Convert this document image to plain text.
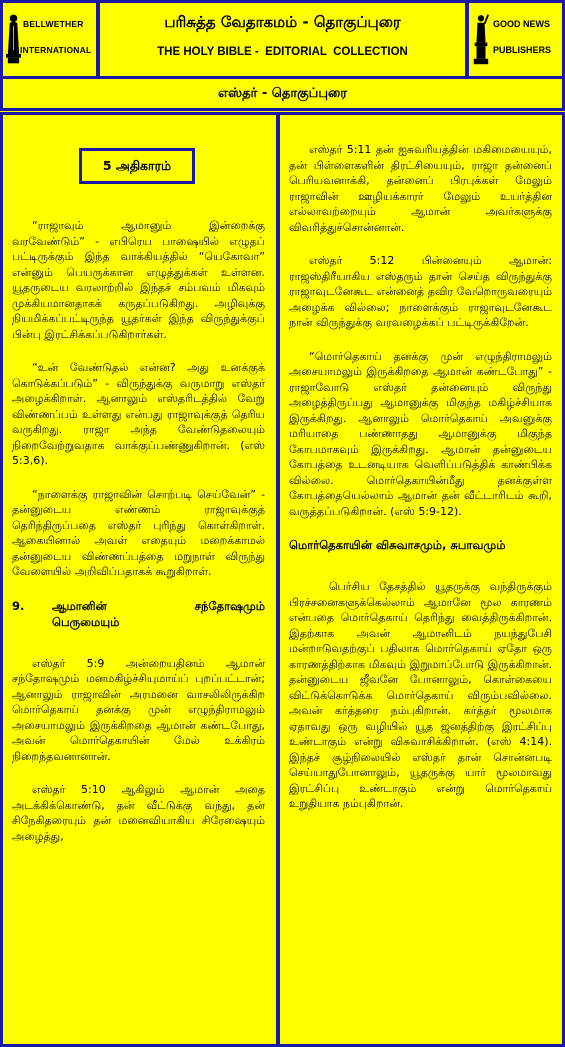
BELLWETHER
INTERNATIONAL
பரிசுத்த வேதாகமம் - தொகுப்புரை
THE HOLY BIBLE -  EDITORIAL  COLLECTION
GOOD NEWS
PUBLISHERS
எஸ்தர் - தொகுப்புரை
5 அதிகாரம்

“ராஜாவும் ஆமானும் இன்றைக்கு வரவேண்டும்” - எபிரெய பாஷையில் எழுதப் பட்டிருக்கும் இந்த வாக்கியத்தில் “யெகோவா” என்னும் பெயருக்கான எழுத்துக்கள் உள்ளன. யூதருடைய வரலாற்றில் இந்தச் சம்பவம் மிகவும் முக்கியமானதாகக் கருதப்படுகிறது. அழிவுக்கு நியமிக்கப்பட்டிருந்த யூதர்கள் இந்த விருந்துக்குப் பின்பு இரட்சிக்கப்படுகிறார்கள்.

“உன் வேண்டுதல் என்ன? அது உனக்குக் கொடுக்கப்படும்” - விருந்துக்கு வருமாறு எஸ்தர் அழைக்கிறாள். ஆனாலும் எஸ்தரிடத்தில் வேறு விண்ணப்பம் உள்ளது என்பது ராஜாவுக்குத் தெரிய வருகிறது. ராஜா அந்த வேண்டுதலையும் நிறைவேற்றுவதாக வாக்குப்பண்ணுகிறான். (எஸ் 5:3,6).

“நாளைக்கு ராஜாவின் சொற்படி செய்வேன்” - தன்னுடைய எண்ணம் ராஜாவுக்குத் தெரிந்திருப்பதை எஸ்தர் புரிந்து கொள்கிறாள். ஆகையினால் அவள் எதையும் மறைக்காமல் தன்னுடைய விண்ணப்பத்தை மறுநாள் விருந்து வேளையில் அறிவிப்பதாகக் கூறுகிறாள்.

9.	ஆமானின் சந்தோஷமும்
பெருமையும்

எஸ்தர் 5:9 அன்றையதினம் ஆமான் சந்தோஷமும் மனமகிழ்ச்சியுமாய்ப் புறப்பட்டான்; ஆனாலும் ராஜாவின் அரமனை வாசலிலிருக்கிற மொர்தெகாய் தனக்கு முன் எழுந்திராமலும் அசையாமலும் இருக்கிறதை ஆமான் கண்டபோது, அவன் மொர்தெகாயின் மேல் உக்கிரம் நிறைந்தவனானான்.

எஸ்தர் 5:10 ஆகிலும் ஆமான் அதை அடக்கிக்கொண்டு, தன் வீட்டுக்கு வந்து, தன் சிநேகிதரையும் தன் மனைவியாகிய சிரேஷையும் அழைத்து,

எஸ்தர் 5:11 தன் ஐசுவரியத்தின் மகிமையையும், தன் பிள்ளைகளின் திரட்சியையும், ராஜா தன்னைப் பெரியவனாக்கி, தன்னைப் பிரபுக்கள் மேலும் ராஜாவின் ஊழியக்காரர் மேலும் உயர்த்தின எல்லாவற்றையும் ஆமான் அவர்களுக்கு விவரித்துச்சொன்னான்.

எஸ்தர் 5:12 பின்னையும் ஆமான்: ராஜஸ்திரீயாகிய எஸ்தரும் தான் செய்த விருந்துக்கு ராஜாவுடனேகூட என்னைத் தவிர வேறொருவரையும் அழைக்க வில்லை; நாளைக்கும் ராஜாவுடனேகூட நான் விருந்துக்கு வரவழைக்கப் பட்டிருக்கிறேன்.

“மொர்தெகாய் தனக்கு முன் எழுந்திராமலும் அசையாமலும் இருக்கிறதை ஆமான் கண்டபோது” - ராஜாவோடு எஸ்தர் தன்னையும் விருந்து அழைத்திருப்பது ஆமானுக்கு மிகுந்த மகிழ்ச்சியாக இருக்கிறது. ஆனாலும் மொர்தெகாய் அவனுக்கு மரியாதை பண்ணாதது ஆமானுக்கு மிகுந்த கோபமாகவும் இருக்கிறது. ஆமான் தன்னுடைய கோபத்தை உடனடியாக வெளிப்படுத்திக் காண்பிக்க வில்லை. மொர்தெகாயின்மீது தனக்குள்ள கோபத்தையெல்லாம் ஆமான் தன் வீட்டாரிடம் கூறி, வருத்தப்படுகிறான். (எஸ் 5:9-12).

மொர்தெகாயின் விசுவாசமும், சுபாவமும்

பெர்சிய தேசத்தில் யூதருக்கு வந்திருக்கும் பிரச்சனைகளுக்கெல்லாம் ஆமானே மூல காரணம் என்பதை மொர்தெகாய் தெரிந்து வைத்திருக்கிறான். இதற்காக அவன் ஆமானிடம் நயந்துபேசி மன்றாடுவதற்குப் பதிலாக மொர்தெகாய் ஏதோ ஒரு காரணத்திற்காக மிகவும் இறுமாப்போடு இருக்கிறான். தன்னுடைய ஜீவனே போனாலும், கொள்கையை விட்டுக்கொடுக்க மொர்தெகாய் விரும்பவில்லை. அவன் கர்த்தரை நம்புகிறான். கர்த்தர் மூலமாக ஏதாவது ஒரு வழியில் யூத ஜனத்திற்கு இரட்சிப்பு உண்டாகும் என்று விசுவாசிக்கிறான். (எஸ் 4:14). இந்தச் சூழ்நிலையில் எஸ்தர் தான் சொன்னபடி செய்யாதுபோனாலும், யூதருக்கு யார் மூலமாவது இரட்சிப்பு உண்டாகும் என்று மொர்தெகாய் உறுதியாக நம்புகிறான்.
